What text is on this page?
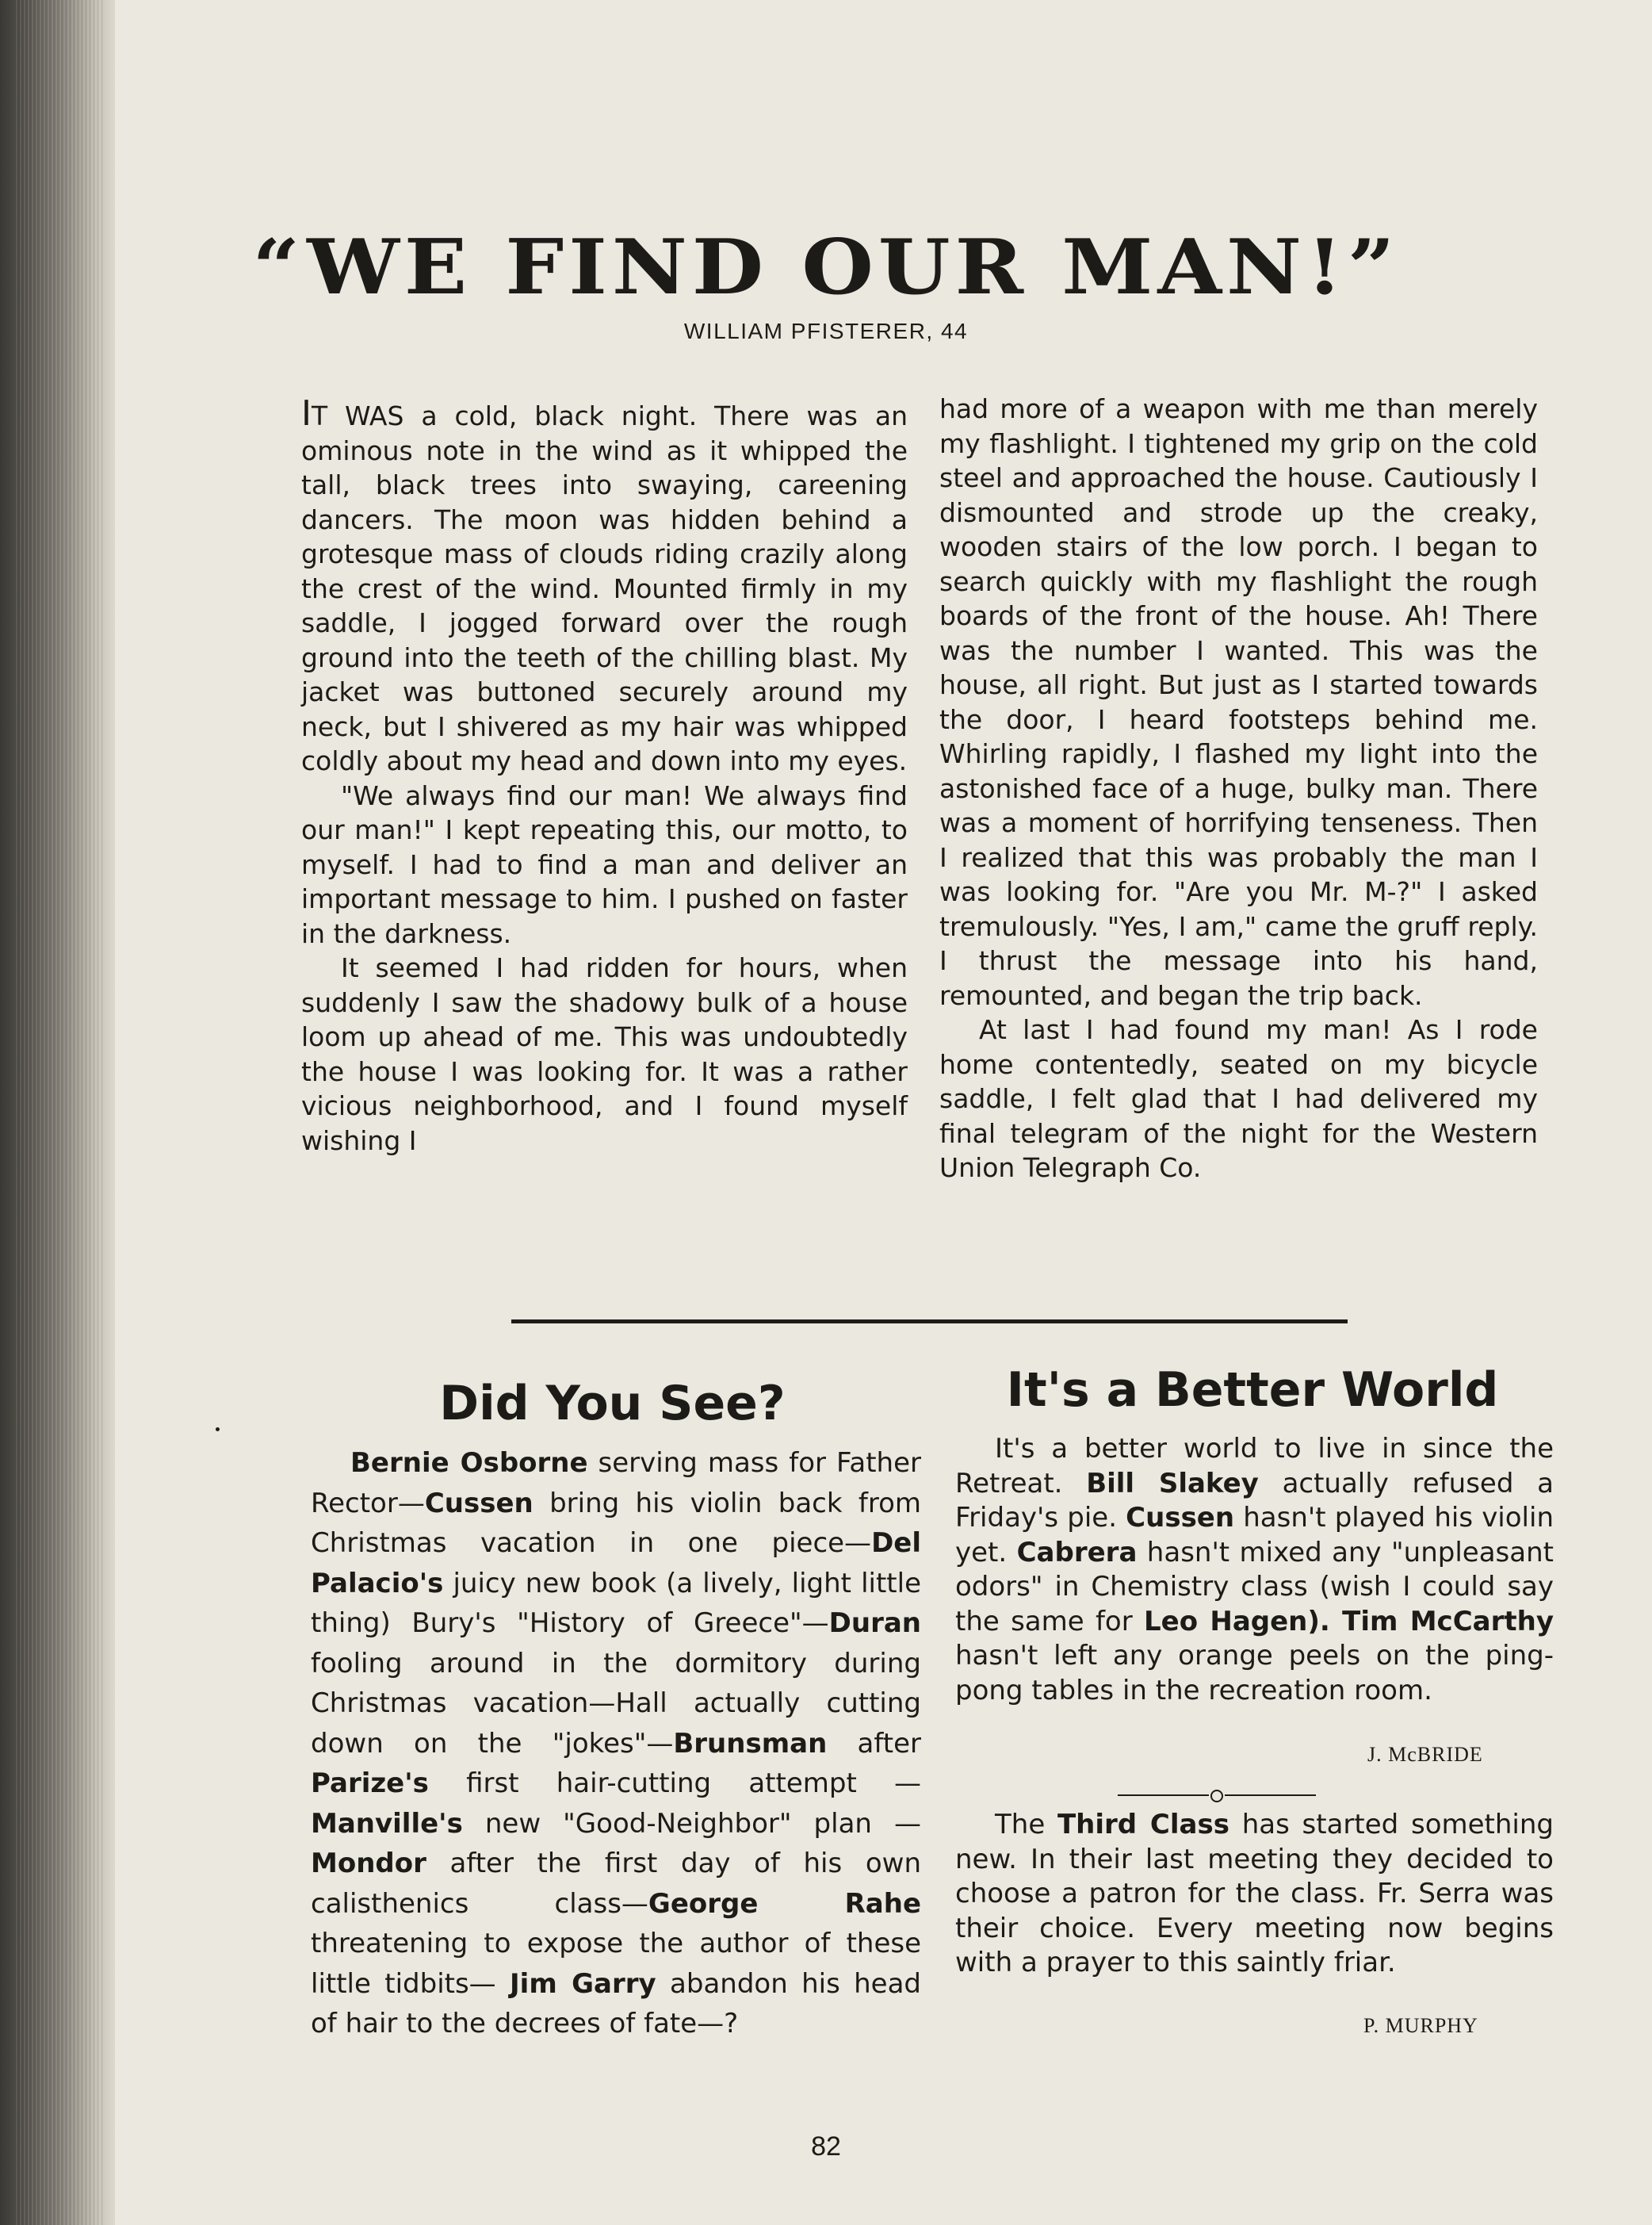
“WE FIND OUR MAN!”

WILLIAM PFISTERER, 44

IT WAS a cold, black night. There was an ominous note in the wind as it whipped the tall, black trees into swaying, careening dancers. The moon was hidden behind a grotesque mass of clouds riding crazily along the crest of the wind. Mounted firmly in my saddle, I jogged forward over the rough ground into the teeth of the chilling blast. My jacket was buttoned securely around my neck, but I shivered as my hair was whipped coldly about my head and down into my eyes.

"We always find our man! We always find our man!" I kept repeating this, our motto, to myself. I had to find a man and deliver an important message to him. I pushed on faster in the darkness.

It seemed I had ridden for hours, when suddenly I saw the shadowy bulk of a house loom up ahead of me. This was undoubtedly the house I was looking for. It was a rather vicious neighborhood, and I found myself wishing I

had more of a weapon with me than merely my flashlight. I tightened my grip on the cold steel and approached the house. Cautiously I dismounted and strode up the creaky, wooden stairs of the low porch. I began to search quickly with my flashlight the rough boards of the front of the house. Ah! There was the number I wanted. This was the house, all right. But just as I started towards the door, I heard footsteps behind me. Whirling rapidly, I flashed my light into the astonished face of a huge, bulky man. There was a moment of horrifying tenseness. Then I realized that this was probably the man I was looking for. "Are you Mr. M-?" I asked tremulously. "Yes, I am," came the gruff reply. I thrust the message into his hand, remounted, and began the trip back.

At last I had found my man! As I rode home contentedly, seated on my bicycle saddle, I felt glad that I had delivered my final telegram of the night for the Western Union Telegraph Co.

Did You See?

Bernie Osborne serving mass for Father Rector—Cussen bring his violin back from Christmas vacation in one piece—Del Palacio's juicy new book (a lively, light little thing) Bury's "History of Greece"—Duran fooling around in the dormitory during Christmas vacation—Hall actually cutting down on the "jokes"—Brunsman after Parize's first hair-cutting attempt — Manville's new "Good-Neighbor" plan — Mondor after the first day of his own calisthenics class—George Rahe threatening to expose the author of these little tidbits— Jim Garry abandon his head of hair to the decrees of fate—?

It's a Better World

It's a better world to live in since the Retreat. Bill Slakey actually refused a Friday's pie. Cussen hasn't played his violin yet. Cabrera hasn't mixed any "unpleasant odors" in Chemistry class (wish I could say the same for Leo Hagen). Tim McCarthy hasn't left any orange peels on the ping-pong tables in the recreation room.

J. McBRIDE

The Third Class has started something new. In their last meeting they decided to choose a patron for the class. Fr. Serra was their choice. Every meeting now begins with a prayer to this saintly friar.

P. MURPHY

82
